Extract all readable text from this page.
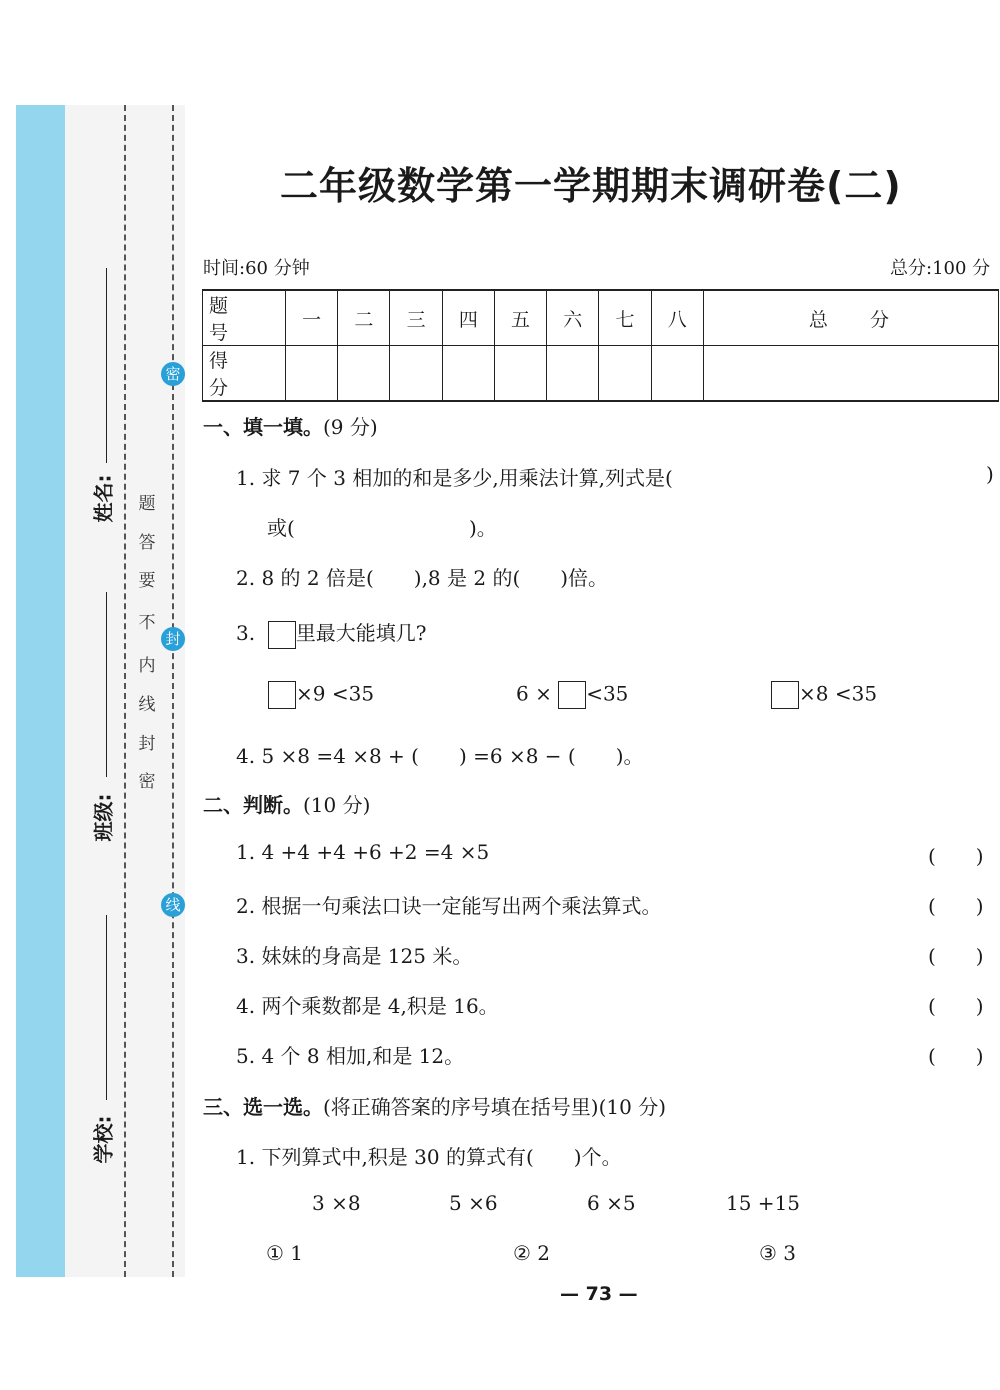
姓名:
班级:
学校:
密
封
线
密
封
线
内
不
要
答
题
二年级数学第一学期期末调研卷(二)
时间:60 分钟	总分:100 分
题 号	一	二	三	四	五	六	七	八	总 分
得 分									
一、填一填。(9 分)
1. 求 7 个 3 相加的和是多少,用乘法计算,列式是(	)
或(	)。
2. 8 的 2 倍是(　　),8 是 2 的(　　)倍。
3. 里最大能填几?
×9 <35	6 × <35	×8 <35
4. 5 ×8 =4 ×8 + (　　) =6 ×8 − (　　)。
二、判断。(10 分)
1. 4 +4 +4 +6 +2 =4 ×5	(　　)
2. 根据一句乘法口诀一定能写出两个乘法算式。	(　　)
3. 妹妹的身高是 125 米。	(　　)
4. 两个乘数都是 4,积是 16。	(　　)
5. 4 个 8 相加,和是 12。	(　　)
三、选一选。(将正确答案的序号填在括号里)(10 分)
1. 下列算式中,积是 30 的算式有(　　)个。
3 ×8	5 ×6	6 ×5	15 +15
① 1	② 2	③ 3
— 73 —
